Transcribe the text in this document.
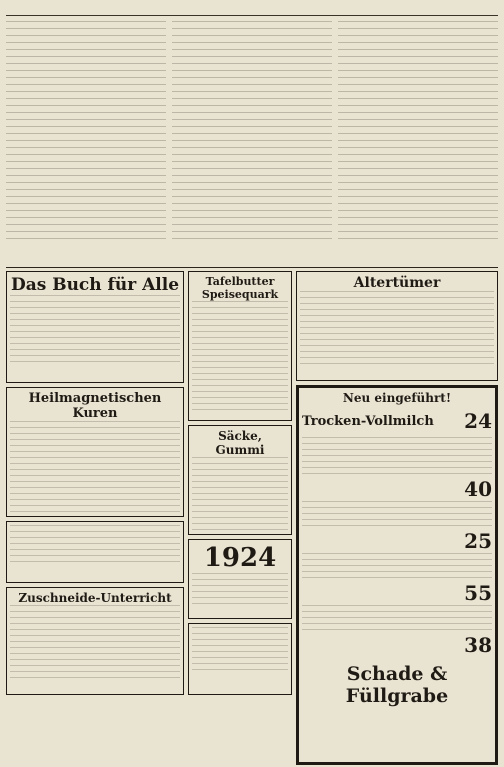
Das Buch für Alle
Heilmagnetischen Kuren
Zuschneide-Unterricht
Tafelbutter Speisequark
Säcke, Gummi
1924
Altertümer
Neu eingeführt!
Trocken-Vollmilch 24
40
25
55
38
Schade & Füllgrabe
